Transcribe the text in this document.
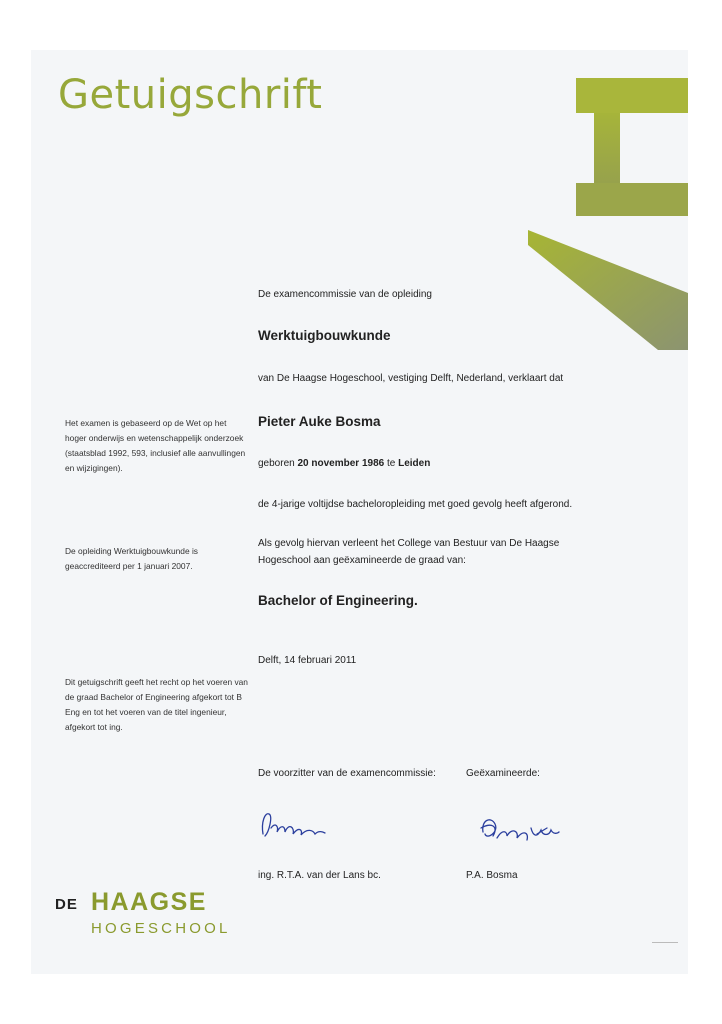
Getuigschrift
Het examen is gebaseerd op de Wet op het hoger onderwijs en wetenschappelijk onderzoek (staatsblad 1992, 593, inclusief alle aanvullingen en wijzigingen).
De opleiding Werktuigbouwkunde is geaccrediteerd per 1 januari 2007.
Dit getuigschrift geeft het recht op het voeren van de graad Bachelor of Engineering afgekort tot B Eng en tot het voeren van de titel ingenieur, afgekort tot ing.
De examencommissie van de opleiding
Werktuigbouwkunde
van De Haagse Hogeschool, vestiging Delft, Nederland, verklaart dat
Pieter Auke Bosma
geboren 20 november 1986 te Leiden
de 4-jarige voltijdse bacheloropleiding met goed gevolg heeft afgerond.
Als gevolg hiervan verleent het College van Bestuur van De Haagse Hogeschool aan geëxamineerde de graad van:
Bachelor of Engineering.
Delft, 14 februari 2011
De voorzitter van de examencommissie:	Geëxamineerde:
ing. R.T.A. van der Lans bc.	P.A. Bosma
DE HAAGSE
HOGESCHOOL
